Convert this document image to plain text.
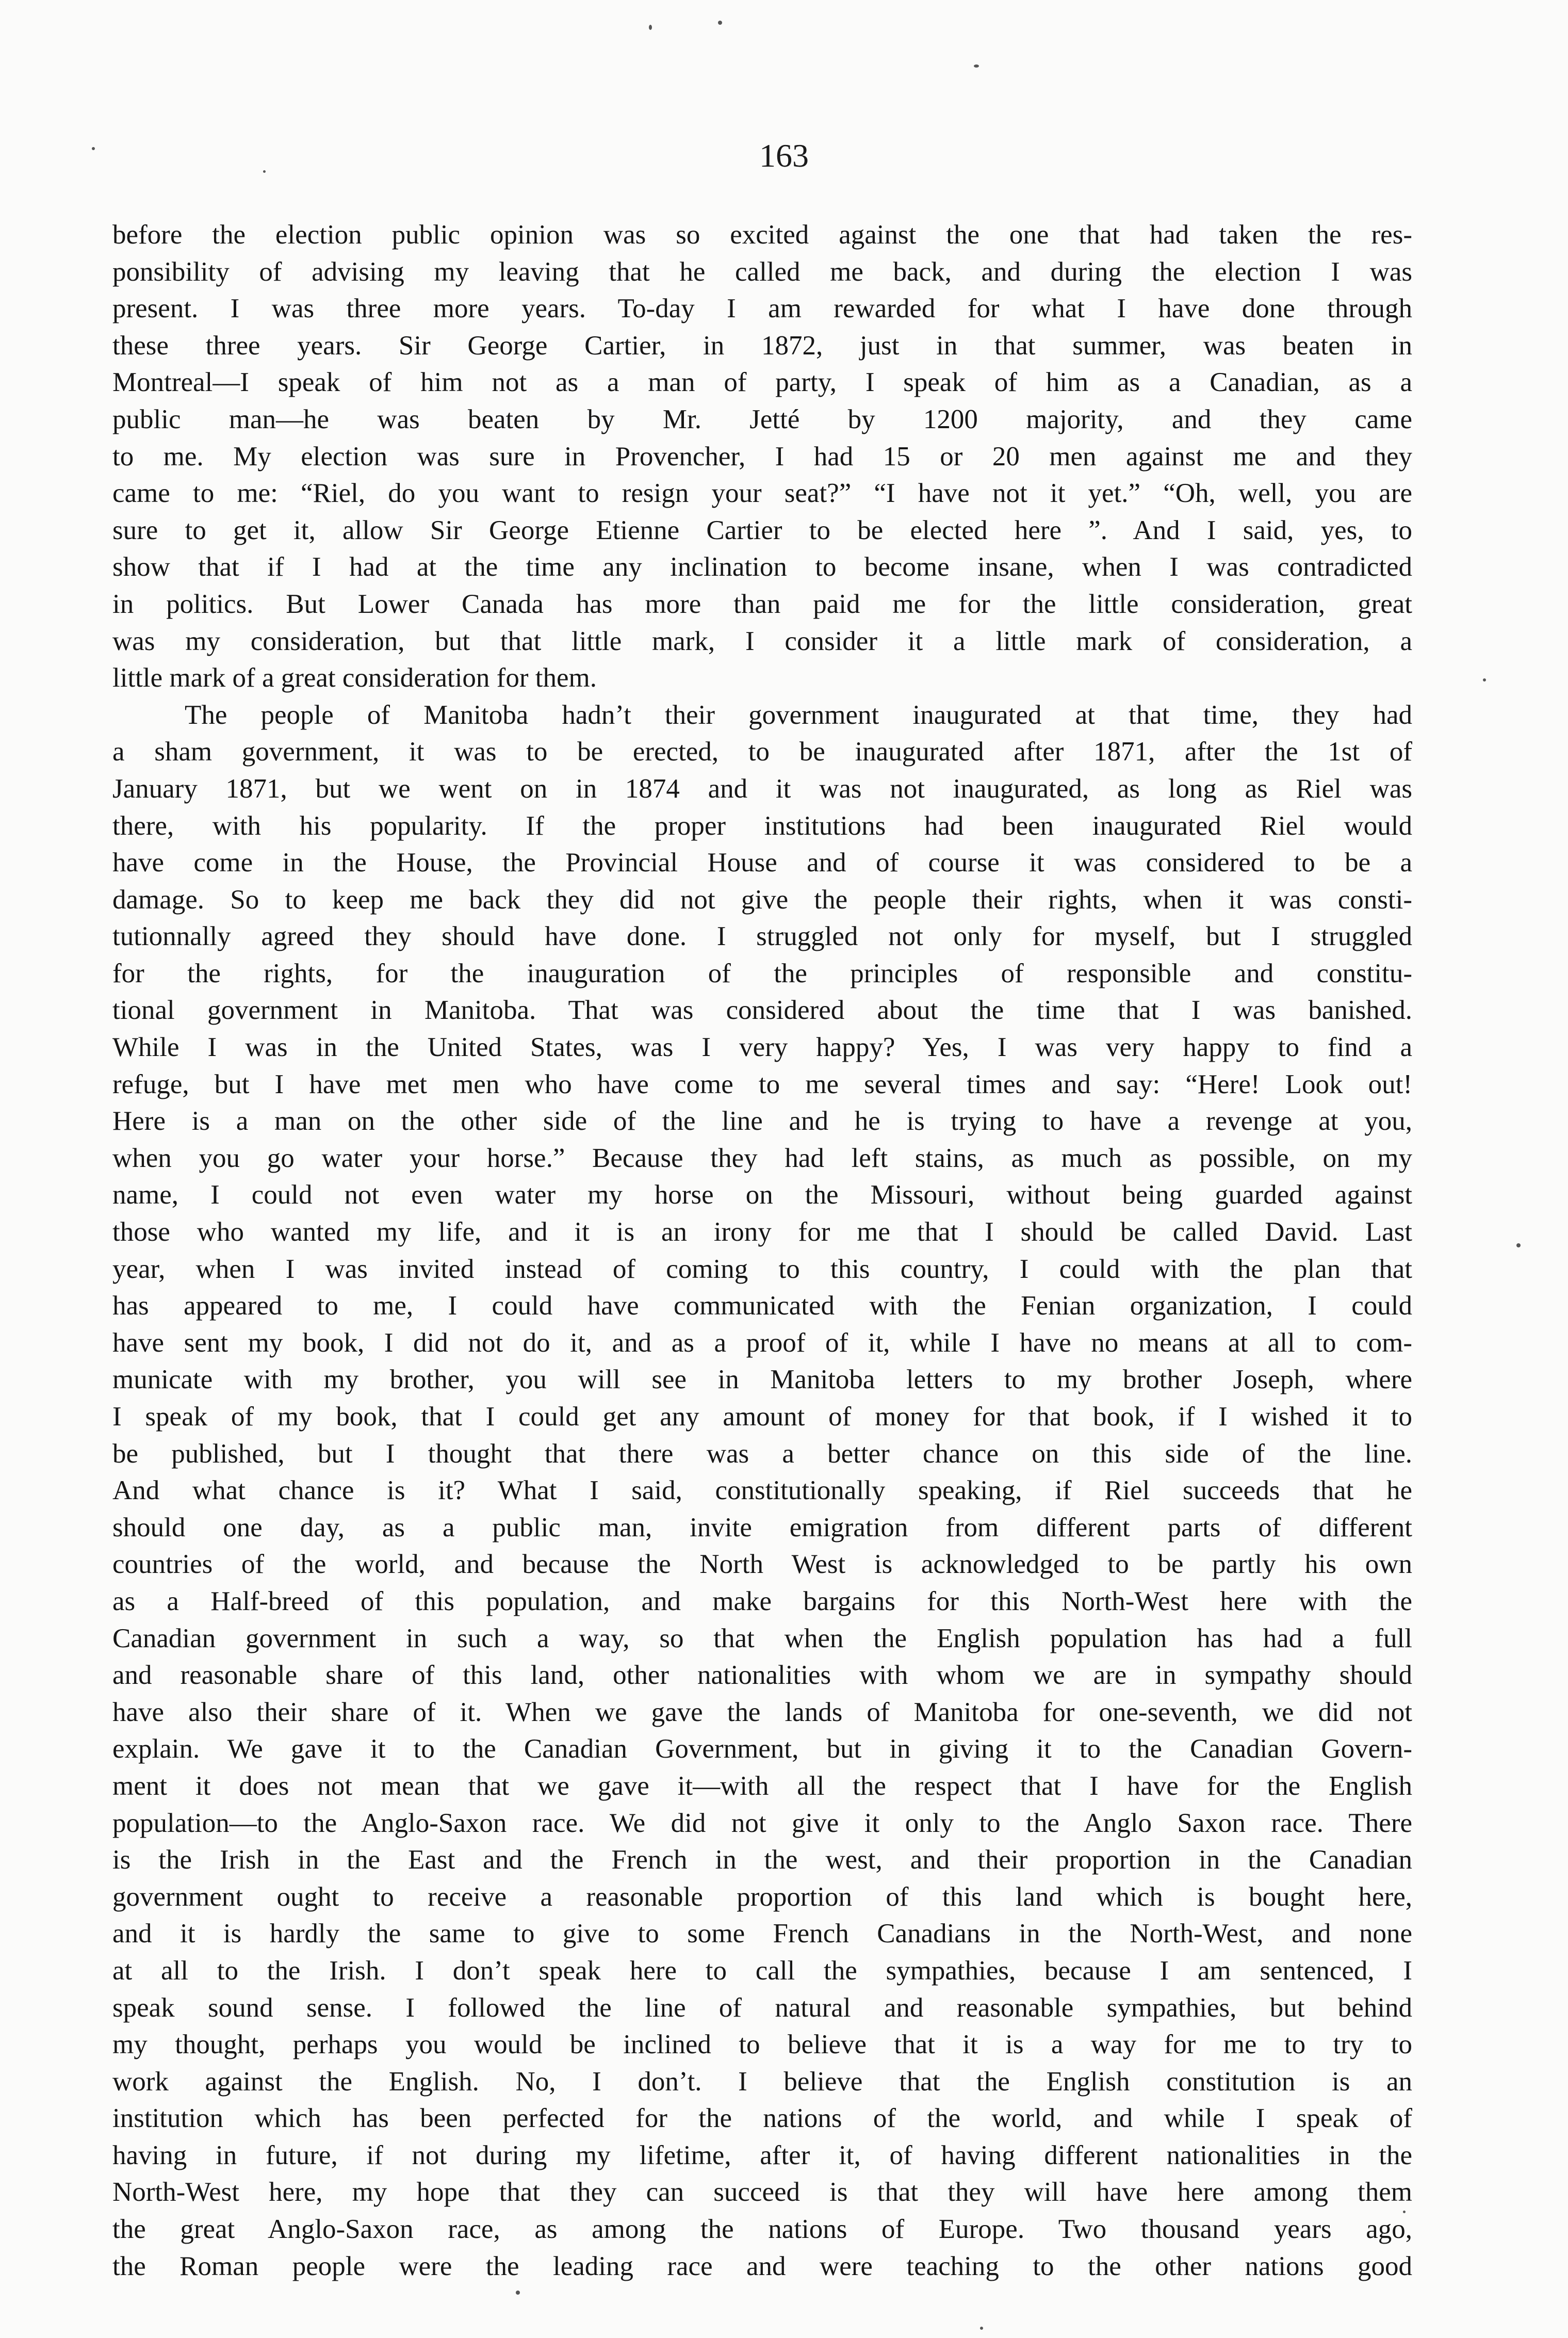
163
before the election public opinion was so excited against the one that had taken the res-
ponsibility of advising my leaving that he called me back, and during the election I was
present. I was three more years. To-day I am rewarded for what I have done through
these three years. Sir George Cartier, in 1872, just in that summer, was beaten in
Montreal—I speak of him not as a man of party, I speak of him as a Canadian, as a
public man—he was beaten by Mr. Jetté by 1200 majority, and they came
to me. My election was sure in Provencher, I had 15 or 20 men against me and they
came to me: “Riel, do you want to resign your seat?” “I have not it yet.” “Oh, well, you are
sure to get it, allow Sir George Etienne Cartier to be elected here ”. And I said, yes, to
show that if I had at the time any inclination to become insane, when I was contradicted
in politics. But Lower Canada has more than paid me for the little consideration, great
was my consideration, but that little mark, I consider it a little mark of consideration, a
little mark of a great consideration for them.
The people of Manitoba hadn’t their government inaugurated at that time, they had
a sham government, it was to be erected, to be inaugurated after 1871, after the 1st of
January 1871, but we went on in 1874 and it was not inaugurated, as long as Riel was
there, with his popularity. If the proper institutions had been inaugurated Riel would
have come in the House, the Provincial House and of course it was considered to be a
damage. So to keep me back they did not give the people their rights, when it was consti-
tutionnally agreed they should have done. I struggled not only for myself, but I struggled
for the rights, for the inauguration of the principles of responsible and constitu-
tional government in Manitoba. That was considered about the time that I was banished.
While I was in the United States, was I very happy? Yes, I was very happy to find a
refuge, but I have met men who have come to me several times and say: “Here! Look out!
Here is a man on the other side of the line and he is trying to have a revenge at you,
when you go water your horse.” Because they had left stains, as much as possible, on my
name, I could not even water my horse on the Missouri, without being guarded against
those who wanted my life, and it is an irony for me that I should be called David. Last
year, when I was invited instead of coming to this country, I could with the plan that
has appeared to me, I could have communicated with the Fenian organization, I could
have sent my book, I did not do it, and as a proof of it, while I have no means at all to com-
municate with my brother, you will see in Manitoba letters to my brother Joseph, where
I speak of my book, that I could get any amount of money for that book, if I wished it to
be published, but I thought that there was a better chance on this side of the line.
And what chance is it? What I said, constitutionally speaking, if Riel succeeds that he
should one day, as a public man, invite emigration from different parts of different
countries of the world, and because the North West is acknowledged to be partly his own
as a Half-breed of this population, and make bargains for this North-West here with the
Canadian government in such a way, so that when the English population has had a full
and reasonable share of this land, other nationalities with whom we are in sympathy should
have also their share of it. When we gave the lands of Manitoba for one-seventh, we did not
explain. We gave it to the Canadian Government, but in giving it to the Canadian Govern-
ment it does not mean that we gave it—with all the respect that I have for the English
population—to the Anglo-Saxon race. We did not give it only to the Anglo Saxon race. There
is the Irish in the East and the French in the west, and their proportion in the Canadian
government ought to receive a reasonable proportion of this land which is bought here,
and it is hardly the same to give to some French Canadians in the North-West, and none
at all to the Irish. I don’t speak here to call the sympathies, because I am sentenced, I
speak sound sense. I followed the line of natural and reasonable sympathies, but behind
my thought, perhaps you would be inclined to believe that it is a way for me to try to
work against the English. No, I don’t. I believe that the English constitution is an
institution which has been perfected for the nations of the world, and while I speak of
having in future, if not during my lifetime, after it, of having different nationalities in the
North-West here, my hope that they can succeed is that they will have here among them
the great Anglo-Saxon race, as among the nations of Europe. Two thousand years ago,
the Roman people were the leading race and were teaching to the other nations good
